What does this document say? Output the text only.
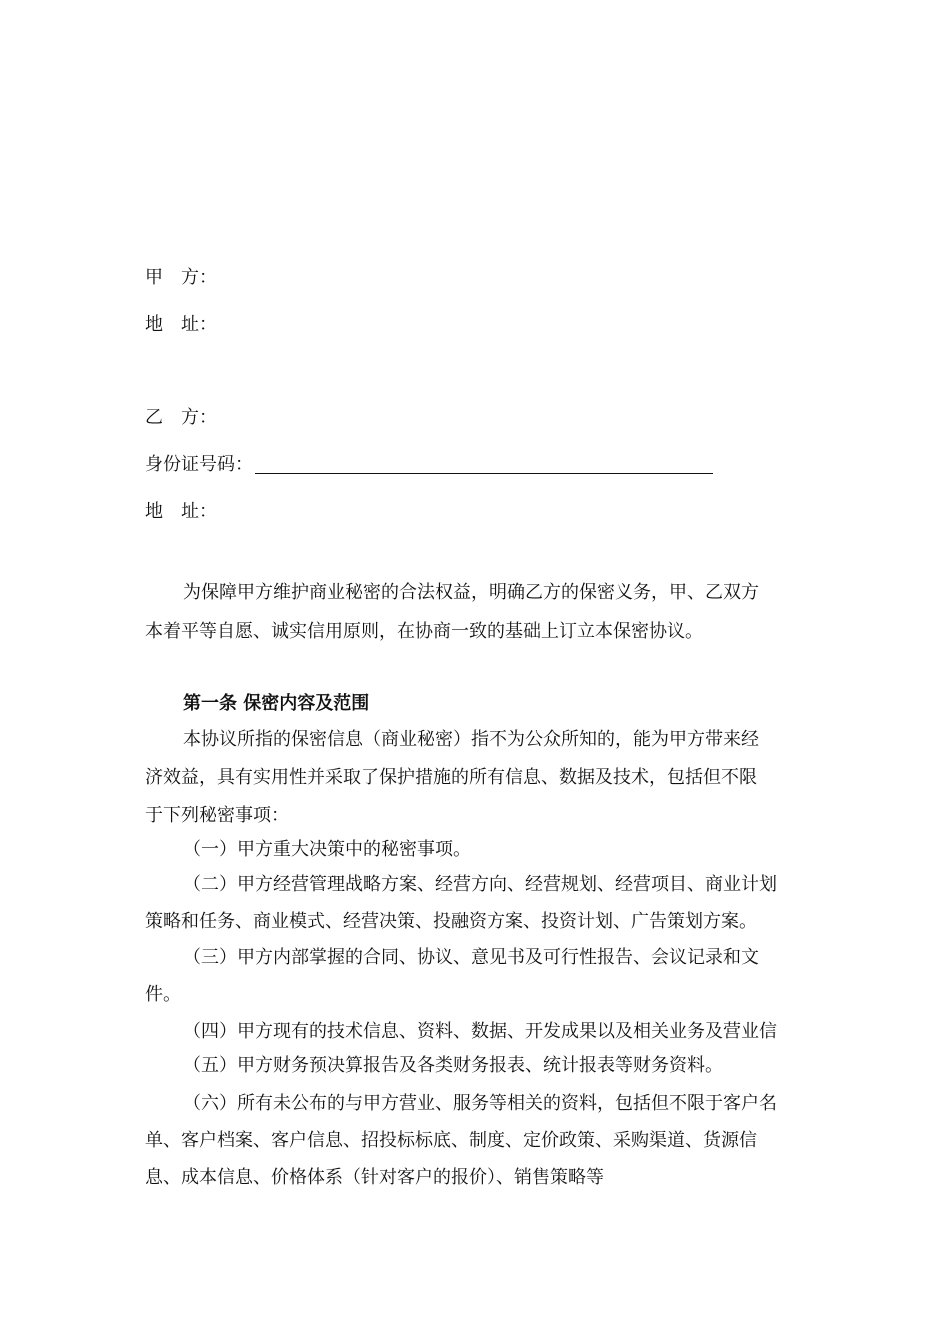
甲　方：
地　址：
乙　方：
身份证号码：
地　址：
为保障甲方维护商业秘密的合法权益，明确乙方的保密义务，甲、乙双方
本着平等自愿、诚实信用原则，在协商一致的基础上订立本保密协议。
第一条 保密内容及范围
本协议所指的保密信息（商业秘密）指不为公众所知的，能为甲方带来经
济效益，具有实用性并采取了保护措施的所有信息、数据及技术，包括但不限
于下列秘密事项：
（一）甲方重大决策中的秘密事项。
（二）甲方经营管理战略方案、经营方向、经营规划、经营项目、商业计划
策略和任务、商业模式、经营决策、投融资方案、投资计划、广告策划方案。
（三）甲方内部掌握的合同、协议、意见书及可行性报告、会议记录和文
件。
（四）甲方现有的技术信息、资料、数据、开发成果以及相关业务及营业信
（五）甲方财务预决算报告及各类财务报表、统计报表等财务资料。
（六）所有未公布的与甲方营业、服务等相关的资料，包括但不限于客户名
单、客户档案、客户信息、招投标标底、制度、定价政策、采购渠道、货源信
息、成本信息、价格体系（针对客户的报价）、销售策略等
